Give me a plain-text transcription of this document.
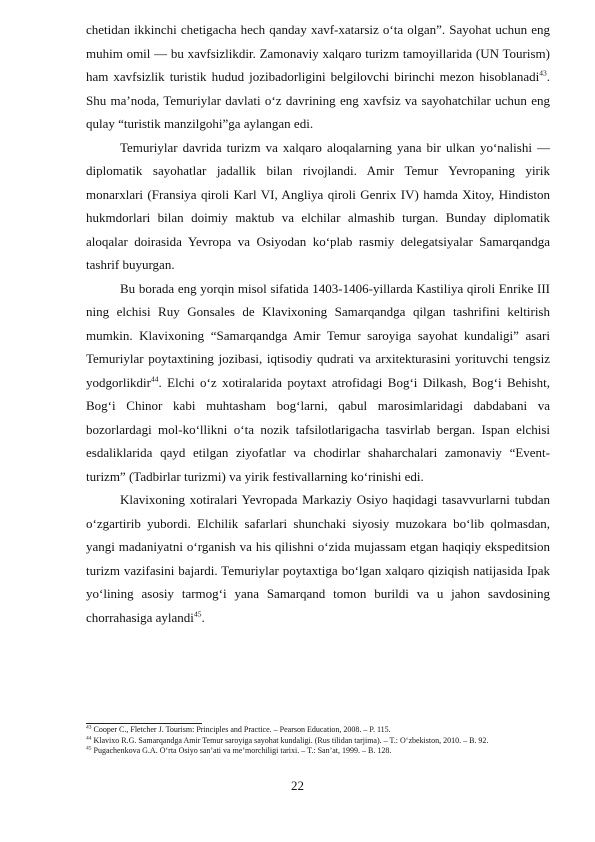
chetidan ikkinchi chetigacha hech qanday xavf-xatarsiz o‘ta olgan”. Sayohat uchun eng muhim omil — bu xavfsizlikdir. Zamonaviy xalqaro turizm tamoyillarida (UN Tourism) ham xavfsizlik turistik hudud jozibadorligini belgilovchi birinchi mezon hisoblanadi$^{43}$. Shu ma’noda, Temuriylar davlati o‘z davrining eng xavfsiz va sayohatchilar uchun eng qulay “turistik manzilgohi”ga aylangan edi.

Temuriylar davrida turizm va xalqaro aloqalarning yana bir ulkan yo‘nalishi — diplomatik sayohatlar jadallik bilan rivojlandi. Amir Temur Yevropaning yirik monarxlari (Fransiya qiroli Karl VI, Angliya qiroli Genrix IV) hamda Xitoy, Hindiston hukmdorlari bilan doimiy maktub va elchilar almashib turgan. Bunday diplomatik aloqalar doirasida Yevropa va Osiyodan ko‘plab rasmiy delegatsiyalar Samarqandga tashrif buyurgan.

Bu borada eng yorqin misol sifatida 1403-1406-yillarda Kastiliya qiroli Enrike III ning elchisi Ruy Gonsales de Klavixoning Samarqandga qilgan tashrifini keltirish mumkin. Klavixoning “Samarqandga Amir Temur saroyiga sayohat kundaligi” asari Temuriylar poytaxtining jozibasi, iqtisodiy qudrati va arxitekturasini yorituvchi tengsiz yodgorlikdir$^{44}$. Elchi o‘z xotiralarida poytaxt atrofidagi Bog‘i Dilkash, Bog‘i Behisht, Bog‘i Chinor kabi muhtasham bog‘larni, qabul marosimlaridagi dabdabani va bozorlardagi mol-ko‘llikni o‘ta nozik tafsilotlarigacha tasvirlab bergan. Ispan elchisi esdaliklarida qayd etilgan ziyofatlar va chodirlar shaharchalari zamonaviy “Event-turizm” (Tadbirlar turizmi) va yirik festivallarning ko‘rinishi edi.

Klavixoning xotiralari Yevropada Markaziy Osiyo haqidagi tasavvurlarni tubdan o‘zgartirib yubordi. Elchilik safarlari shunchaki siyosiy muzokara bo‘lib qolmasdan, yangi madaniyatni o‘rganish va his qilishni o‘zida mujassam etgan haqiqiy ekspeditsion turizm vazifasini bajardi. Temuriylar poytaxtiga bo‘lgan xalqaro qiziqish natijasida Ipak yo‘lining asosiy tarmog‘i yana Samarqand tomon burildi va u jahon savdosining chorrahasiga aylandi$^{45}$.

$^{43}$ Cooper C., Fletcher J. Tourism: Principles and Practice. – Pearson Education, 2008. – P. 115.

$^{44}$ Klavixo R.G. Samarqandga Amir Temur saroyiga sayohat kundaligi. (Rus tilidan tarjima). – T.: O‘zbekiston, 2010. – B. 92.

$^{45}$ Pugachenkova G.A. O‘rta Osiyo san’ati va me’morchiligi tarixi. – T.: San’at, 1999. – B. 128.

22
